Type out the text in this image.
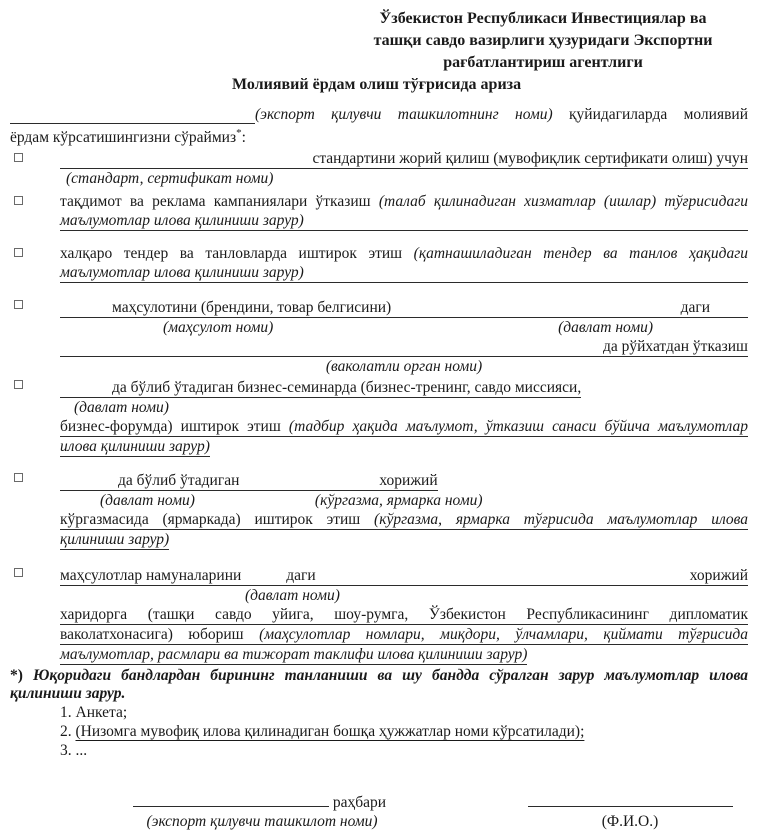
Ўзбекистон Республикаси Инвестициялар ва
ташқи савдо вазирлиги ҳузуридаги Экспортни
рағбатлантириш агентлиги
Молиявий ёрдам олиш тўғрисида ариза
(экспорт қилувчи ташкилотнинг номи) қуйидагиларда молиявий
ёрдам кўрсатишингизни сўраймиз*:
стандартини жорий қилиш (мувофиқлик сертификати олиш) учун
(стандарт, сертификат номи)
тақдимот ва реклама кампаниялари ўтказиш (талаб қилинадиган хизматлар (ишлар) тўғрисидаги
маълумотлар илова қилиниши зарур)
халқаро тендер ва танловларда иштирок этиш (қатнашиладиган тендер ва танлов ҳақидаги
маълумотлар илова қилиниши зарур)
маҳсулотини (брендини, товар белгисини)	даги
(маҳсулот номи)	(давлат номи)
да рўйхатдан ўтказиш
(ваколатли орган номи)
да бўлиб ўтадиган бизнес-семинарда (бизнес-тренинг, савдо миссияси,
(давлат номи)
бизнес-форумда) иштирок этиш (тадбир ҳақида маълумот, ўтказиш санаси бўйича маълумотлар
илова қилиниши зарур)
да бўлиб ўтадиган	хорижий
(давлат номи)	(кўргазма, ярмарка номи)
кўргазмасида (ярмаркада) иштирок этиш (кўргазма, ярмарка тўғрисида маълумотлар илова
қилиниши зарур)
маҳсулотлар намуналарини	даги	хорижий
(давлат номи)
харидорга (ташқи савдо уйига, шоу-румга, Ўзбекистон Республикасининг дипломатик
ваколатхонасига) юбориш (маҳсулотлар номлари, миқдори, ўлчамлари, қиймати тўғрисида
маълумотлар, расмлари ва тижорат таклифи илова қилиниши зарур)
*) Юқоридаги бандлардан бирининг танланиши ва шу бандда сўралган зарур маълумотлар илова қилиниши зарур.
1. Анкета;
2. (Низомга мувофиқ илова қилинадиган бошқа ҳужжатлар номи кўрсатилади);
3. ...
раҳбари
(экспорт қилувчи ташкилот номи)	(Ф.И.О.)
